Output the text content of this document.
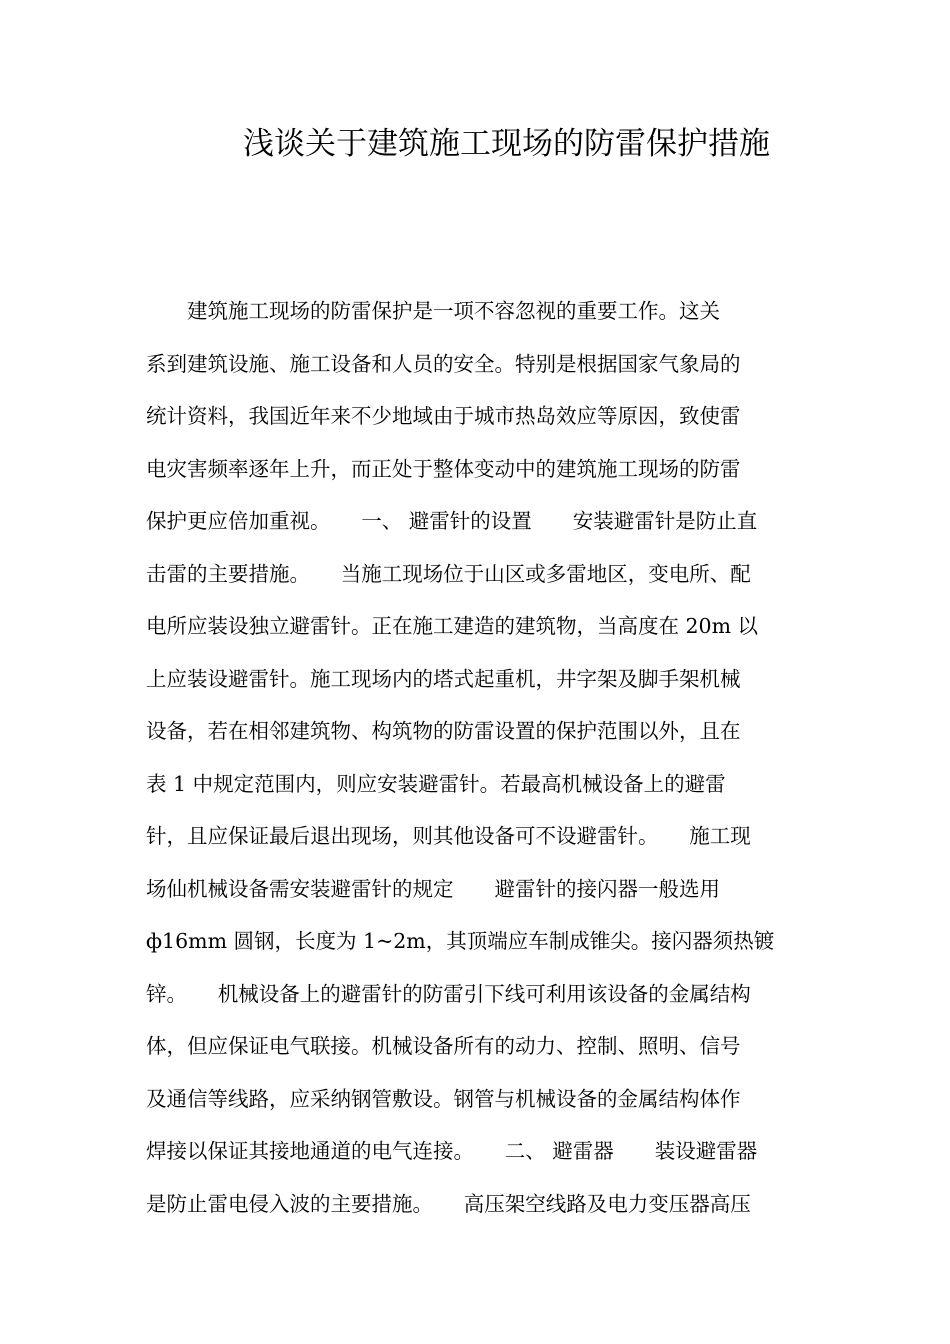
浅谈关于建筑施工现场的防雷保护措施
　　建筑施工现场的防雷保护是一项不容忽视的重要工作。这关
系到建筑设施、施工设备和人员的安全。特别是根据国家气象局的
统计资料，我国近年来不少地域由于城市热岛效应等原因，致使雷
电灾害频率逐年上升，而正处于整体变动中的建筑施工现场的防雷
保护更应倍加重视。　　一、 避雷针的设置　　安装避雷针是防止直
击雷的主要措施。　　当施工现场位于山区或多雷地区，变电所、配
电所应装设独立避雷针。正在施工建造的建筑物，当高度在 20m 以
上应装设避雷针。施工现场内的塔式起重机，井字架及脚手架机械
设备，若在相邻建筑物、构筑物的防雷设置的保护范围以外，且在
表 1 中规定范围内，则应安装避雷针。若最高机械设备上的避雷
针，且应保证最后退出现场，则其他设备可不设避雷针。　　施工现
场仙机械设备需安装避雷针的规定　　避雷针的接闪器一般选用
ф16mm 圆钢，长度为 1~2m，其顶端应车制成锥尖。接闪器须热镀
锌。　　机械设备上的避雷针的防雷引下线可利用该设备的金属结构
体，但应保证电气联接。机械设备所有的动力、控制、照明、信号
及通信等线路，应采纳钢管敷设。钢管与机械设备的金属结构体作
焊接以保证其接地通道的电气连接。　　二、 避雷器　　装设避雷器
是防止雷电侵入波的主要措施。　　高压架空线路及电力变压器高压
